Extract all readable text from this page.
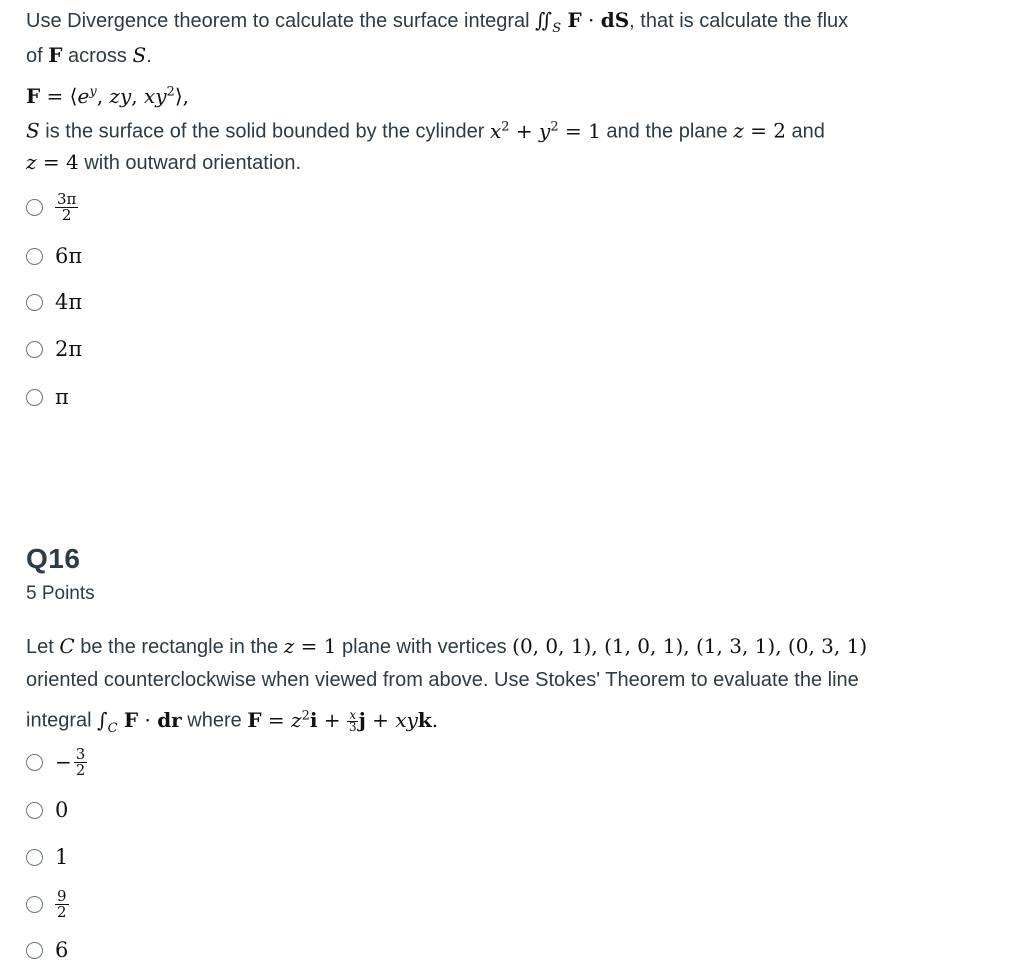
Use Divergence theorem to calculate the surface integral $∬_S$ F · dS, that is calculate the flux
of F across S.
$F = ⟨e^y$, zy, $xy^2⟩$,
S is the surface of the solid bounded by the cylinder $x^2 + y^2 = 1$ and the plane z = 2 and
z = 4 with outward orientation.
$\frac{3\pi}{2}$
6π
4π
2π
π
Q16
5 Points
Let C be the rectangle in the z = 1 plane with vertices (0, 0, 1), (1, 0, 1), (1, 3, 1), (0, 3, 1)
oriented counterclockwise when viewed from above. Use Stokes' Theorem to evaluate the line
integral $\int_C$ F · dr where $F = z^2i + \frac{x}{3}$ j + xyk.
− $\frac{3}{2}$
0
1
$\frac{9}{2}$
6
